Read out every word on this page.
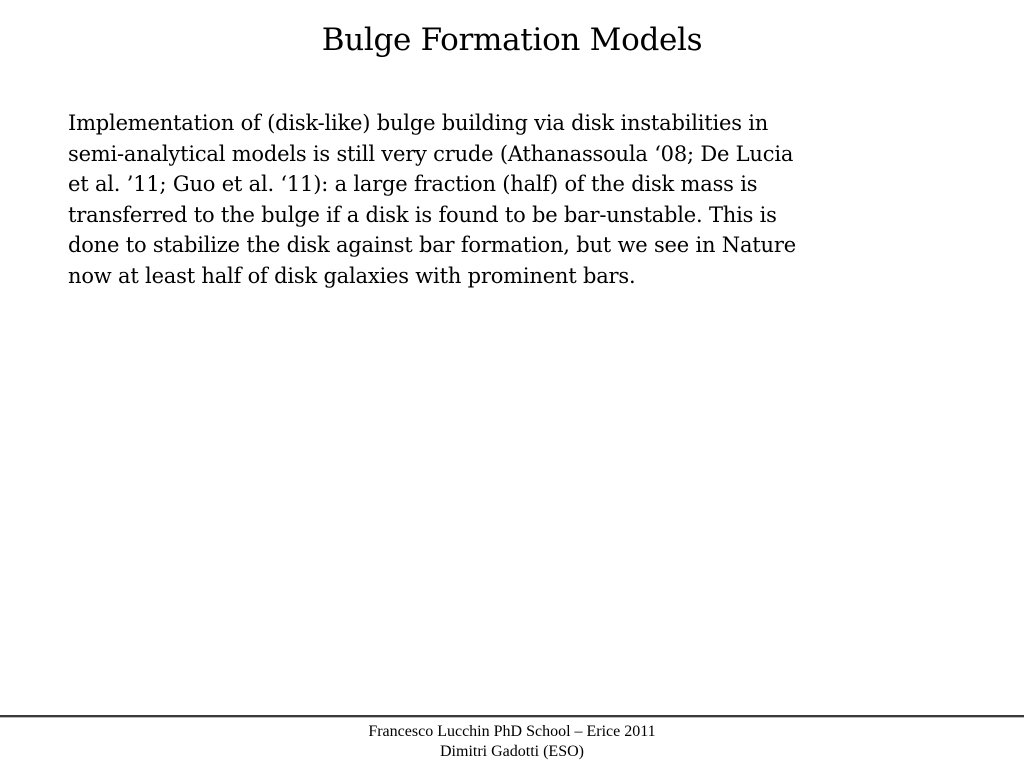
Bulge Formation Models
Implementation of (disk-like) bulge building via disk instabilities in
semi-analytical models is still very crude (Athanassoula ‘08; De Lucia
et al. ’11; Guo et al. ‘11): a large fraction (half) of the disk mass is
transferred to the bulge if a disk is found to be bar-unstable. This is
done to stabilize the disk against bar formation, but we see in Nature
now at least half of disk galaxies with prominent bars.
Francesco Lucchin PhD School – Erice 2011
Dimitri Gadotti (ESO)
